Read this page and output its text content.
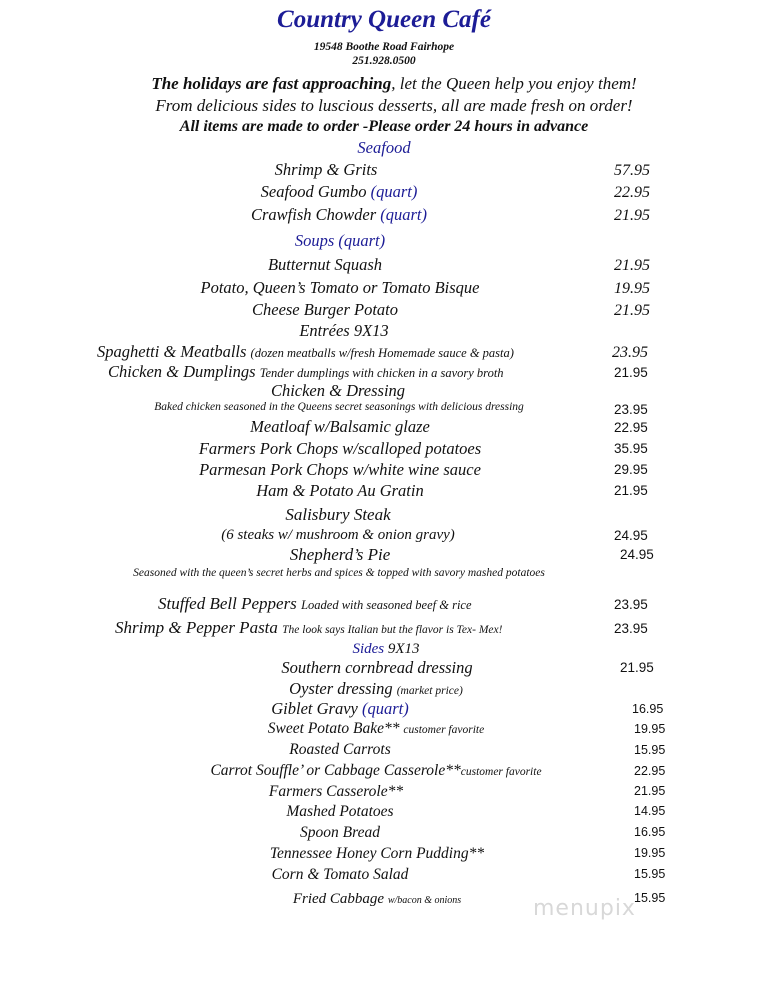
Country Queen Café
19548 Boothe Road Fairhope
251.928.0500
The holidays are fast approaching, let the Queen help you enjoy them!
From delicious sides to luscious desserts, all are made fresh on order!
All items are made to order -Please order 24 hours in advance
Seafood
Shrimp & Grits	57.95
Seafood Gumbo (quart)	22.95
Crawfish Chowder (quart)	21.95
Soups (quart)
Butternut Squash	21.95
Potato, Queen’s Tomato or Tomato Bisque	19.95
Cheese Burger Potato	21.95
Entrées 9X13
Spaghetti & Meatballs (dozen meatballs w/fresh Homemade sauce & pasta)	23.95
Chicken & Dumplings Tender dumplings with chicken in a savory broth	21.95
Chicken & Dressing
Baked chicken seasoned in the Queens secret seasonings with delicious dressing	23.95
Meatloaf w/Balsamic glaze	22.95
Farmers Pork Chops w/scalloped potatoes	35.95
Parmesan Pork Chops w/white wine sauce	29.95
Ham & Potato Au Gratin	21.95
Salisbury Steak
(6 steaks w/ mushroom & onion gravy)	24.95
Shepherd’s Pie	24.95
Seasoned with the queen’s secret herbs and spices & topped with savory mashed potatoes
Stuffed Bell Peppers Loaded with seasoned beef & rice	23.95
Shrimp & Pepper Pasta The look says Italian but the flavor is Tex- Mex!	23.95
Sides 9X13
Southern cornbread dressing	21.95
Oyster dressing (market price)
Giblet Gravy (quart)	16.95
Sweet Potato Bake** customer favorite	19.95
Roasted Carrots	15.95
Carrot Souffle’ or Cabbage Casserole**customer favorite	22.95
Farmers Casserole**	21.95
Mashed Potatoes	14.95
Spoon Bread	16.95
Tennessee Honey Corn Pudding**	19.95
Corn & Tomato Salad	15.95
Fried Cabbage w/bacon & onions	15.95
menupix
